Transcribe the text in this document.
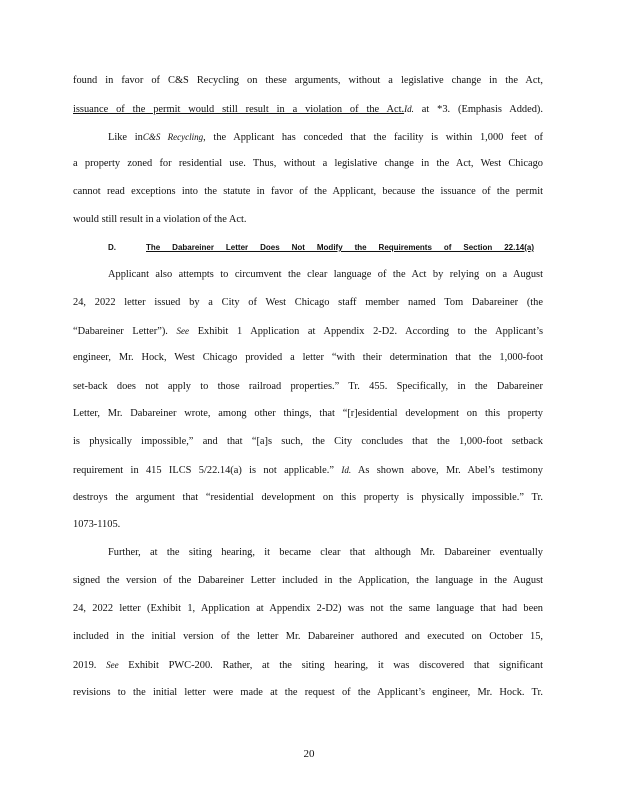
found in favor of C&S Recycling on these arguments, without a legislative change in the Act,
issuance of the permit would still result in a violation of the Act.Id. at *3. (Emphasis Added).
Like inC&S Recycling, the Applicant has conceded that the facility is within 1,000 feet of
a property zoned for residential use. Thus, without a legislative change in the Act, West Chicago
cannot read exceptions into the statute in favor of the Applicant, because the issuance of the permit
would still result in a violation of the Act.
D.	The Dabareiner Letter Does Not Modify the Requirements of Section 22.14(a)
Applicant also attempts to circumvent the clear language of the Act by relying on a August
24, 2022 letter issued by a City of West Chicago staff member named Tom Dabareiner (the
“Dabareiner Letter”). See Exhibit 1 Application at Appendix 2-D2. According to the Applicant’s
engineer, Mr. Hock, West Chicago provided a letter “with their determination that the 1,000-foot
set-back does not apply to those railroad properties.” Tr. 455. Specifically, in the Dabareiner
Letter, Mr. Dabareiner wrote, among other things, that “[r]esidential development on this property
is physically impossible,” and that “[a]s such, the City concludes that the 1,000-foot setback
requirement in 415 ILCS 5/22.14(a) is not applicable.” Id. As shown above, Mr. Abel’s testimony
destroys the argument that “residential development on this property is physically impossible.” Tr.
1073-1105.
Further, at the siting hearing, it became clear that although Mr. Dabareiner eventually
signed the version of the Dabareiner Letter included in the Application, the language in the August
24, 2022 letter (Exhibit 1, Application at Appendix 2-D2) was not the same language that had been
included in the initial version of the letter Mr. Dabareiner authored and executed on October 15,
2019. See Exhibit PWC-200. Rather, at the siting hearing, it was discovered that significant
revisions to the initial letter were made at the request of the Applicant’s engineer, Mr. Hock. Tr.
20
